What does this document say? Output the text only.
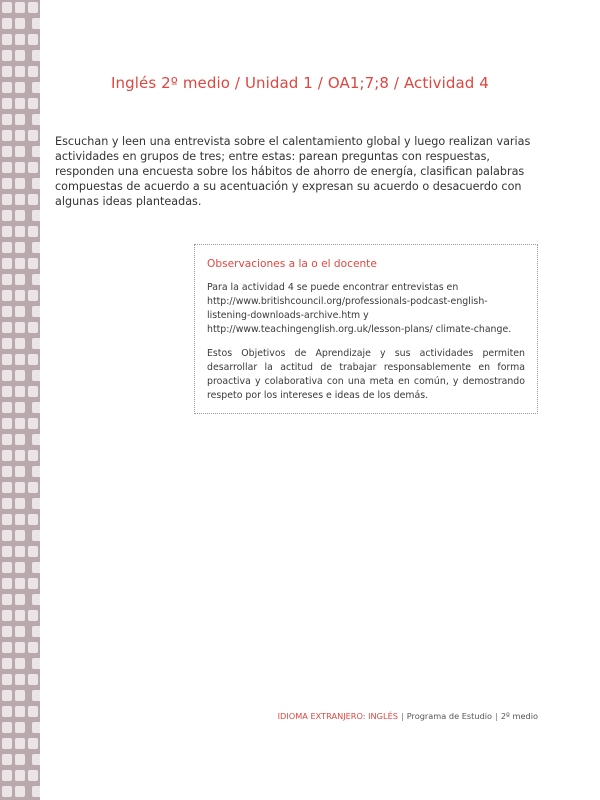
Inglés 2º medio / Unidad 1 / OA1;7;8 / Actividad 4

Escuchan y leen una entrevista sobre el calentamiento global y luego realizan varias actividades en grupos de tres; entre estas: parean preguntas con respuestas, responden una encuesta sobre los hábitos de ahorro de energía, clasifican palabras compuestas de acuerdo a su acentuación y expresan su acuerdo o desacuerdo con algunas ideas planteadas.

Observaciones a la o el docente

Para la actividad 4 se puede encontrar entrevistas en
http://www.britishcouncil.org/professionals-podcast-english-
listening-downloads-archive.htm y
http://www.teachingenglish.org.uk/lesson-plans/ climate-change.

Estos Objetivos de Aprendizaje y sus actividades permiten desarrollar la actitud de trabajar responsablemente en forma proactiva y colaborativa con una meta en común, y demostrando respeto por los intereses e ideas de los demás.

IDIOMA EXTRANJERO: INGLÉS | Programa de Estudio | 2º medio
